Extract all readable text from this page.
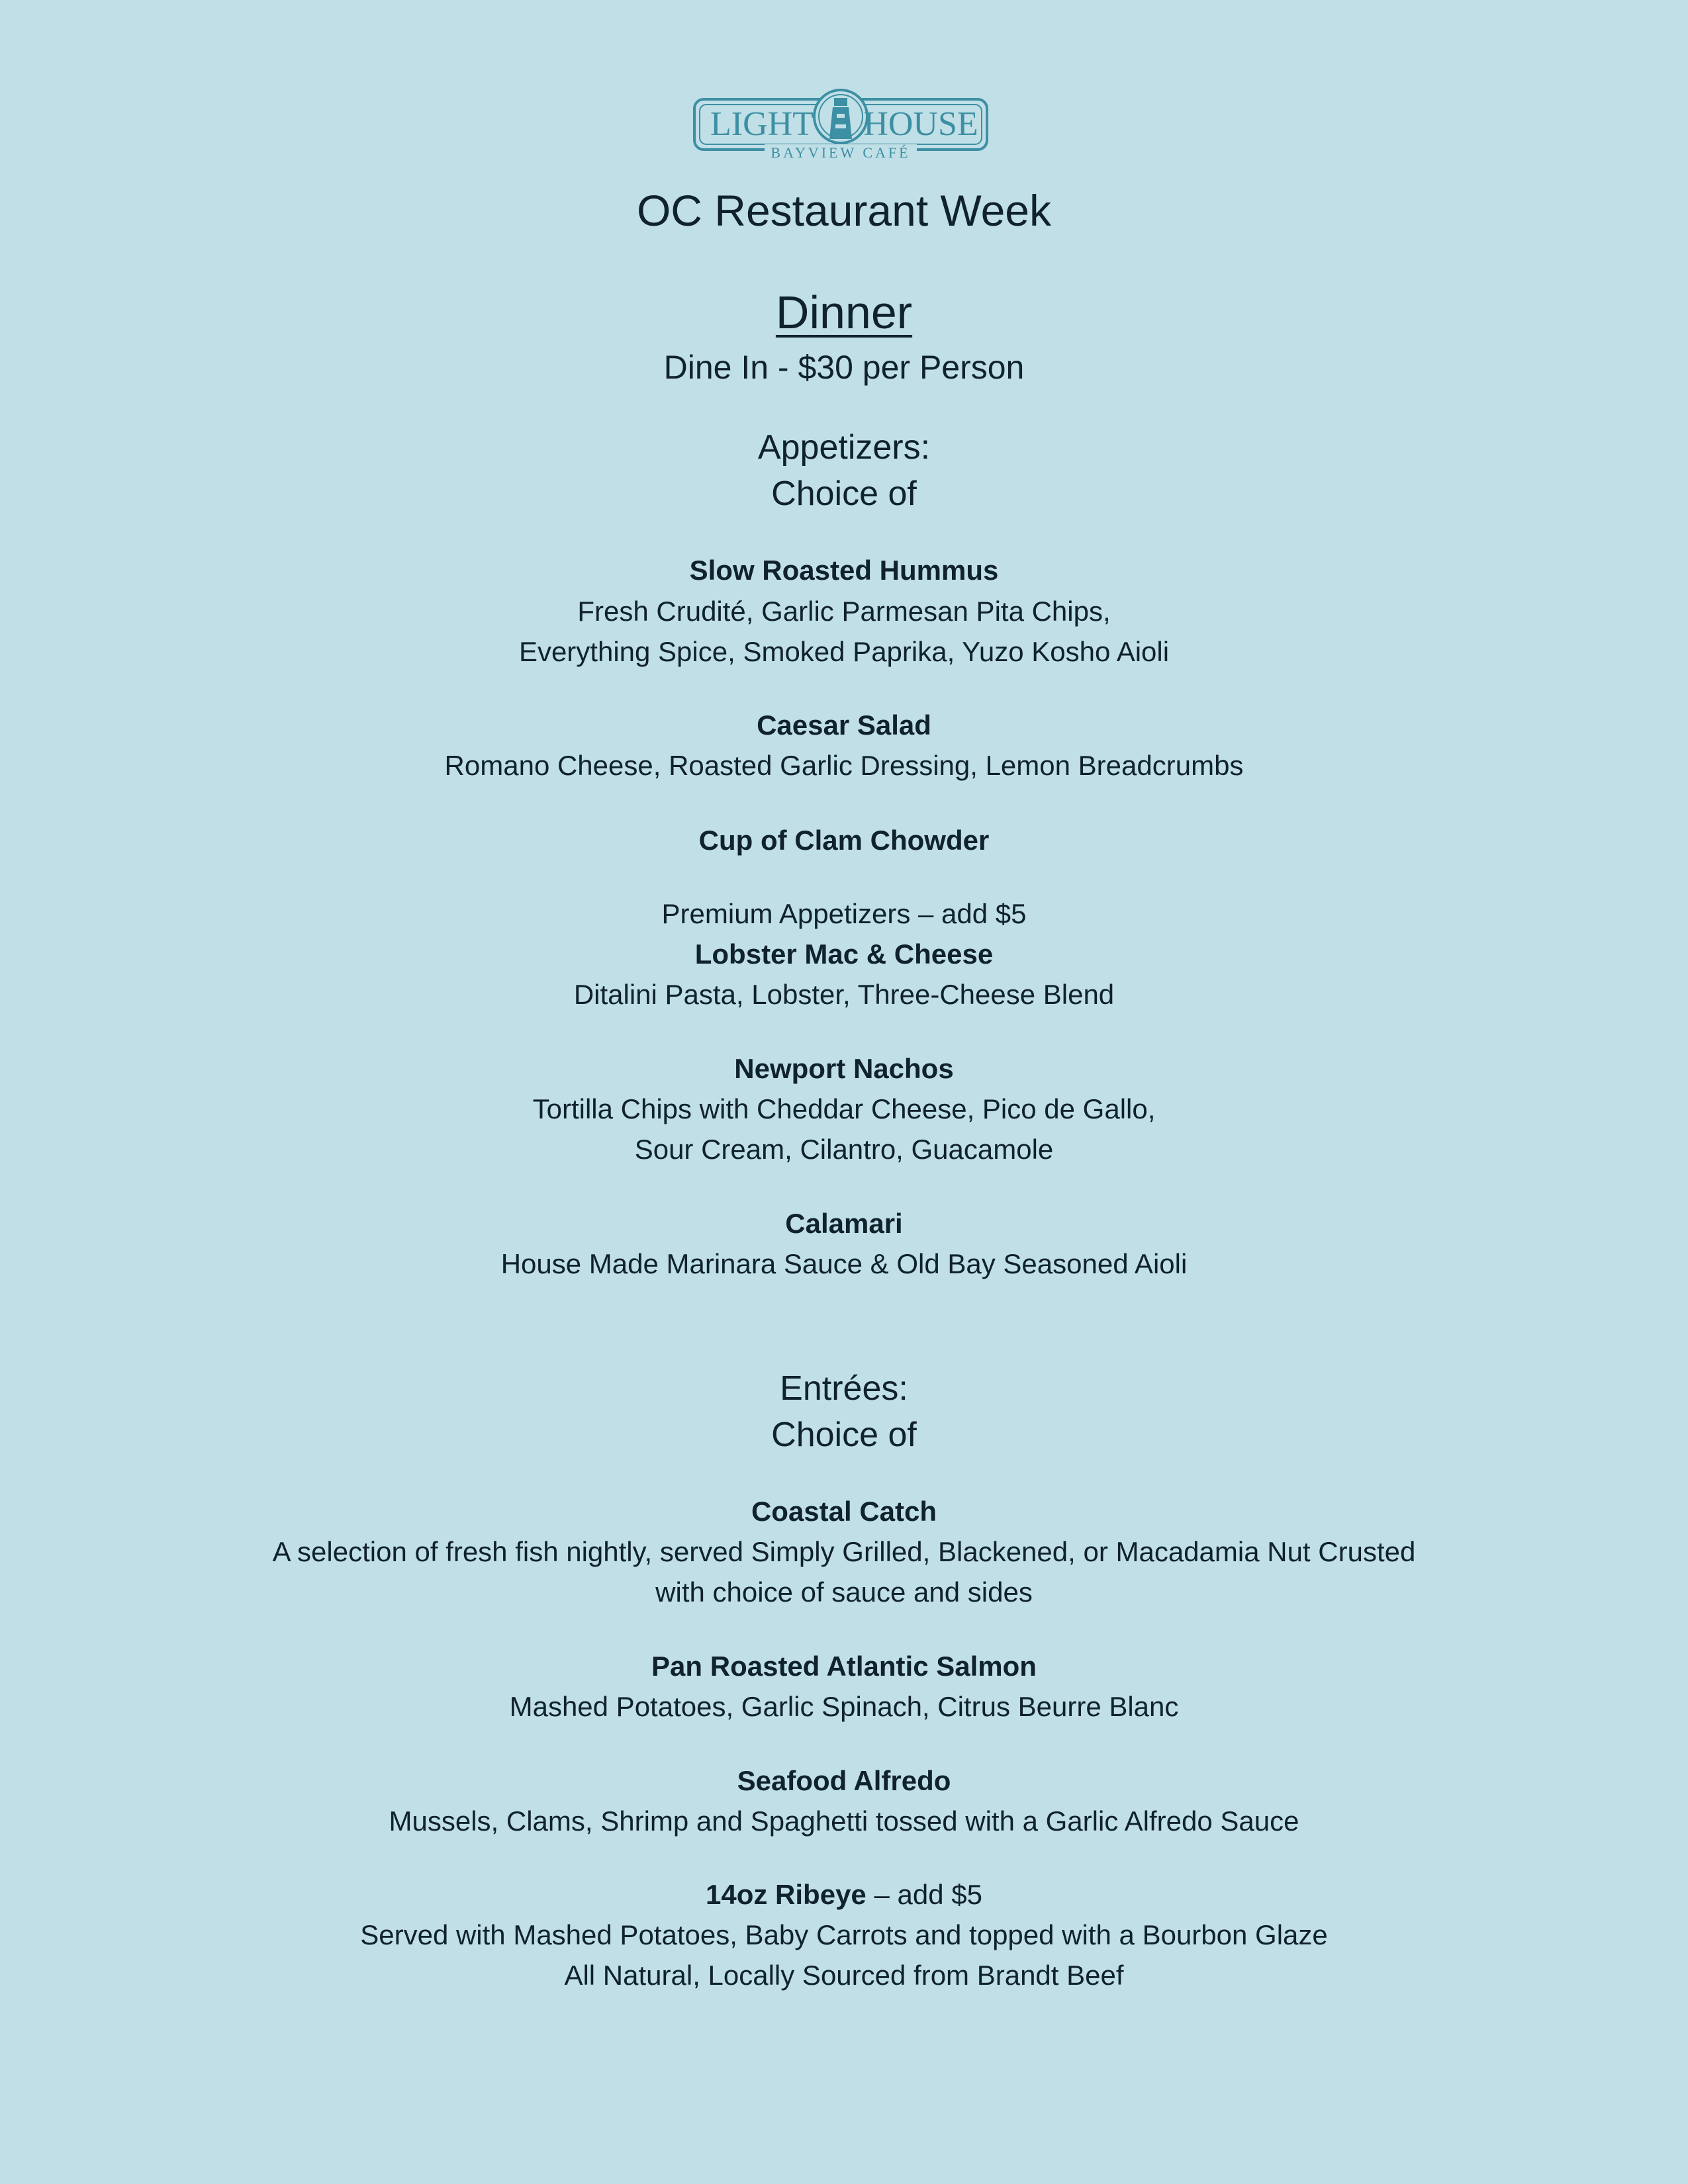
LIGHT HOUSE
BAYVIEW CAFÉ
OC Restaurant Week
Dinner
Dine In - $30 per Person
Appetizers:
Choice of
Slow Roasted Hummus
Fresh Crudité, Garlic Parmesan Pita Chips,
Everything Spice, Smoked Paprika, Yuzo Kosho Aioli
Caesar Salad
Romano Cheese, Roasted Garlic Dressing, Lemon Breadcrumbs
Cup of Clam Chowder
Premium Appetizers – add $5
Lobster Mac & Cheese
Ditalini Pasta, Lobster, Three-Cheese Blend
Newport Nachos
Tortilla Chips with Cheddar Cheese, Pico de Gallo,
Sour Cream, Cilantro, Guacamole
Calamari
House Made Marinara Sauce & Old Bay Seasoned Aioli
Entrées:
Choice of
Coastal Catch
A selection of fresh fish nightly, served Simply Grilled, Blackened, or Macadamia Nut Crusted
with choice of sauce and sides
Pan Roasted Atlantic Salmon
Mashed Potatoes, Garlic Spinach, Citrus Beurre Blanc
Seafood Alfredo
Mussels, Clams, Shrimp and Spaghetti tossed with a Garlic Alfredo Sauce
14oz Ribeye – add $5
Served with Mashed Potatoes, Baby Carrots and topped with a Bourbon Glaze
All Natural, Locally Sourced from Brandt Beef
